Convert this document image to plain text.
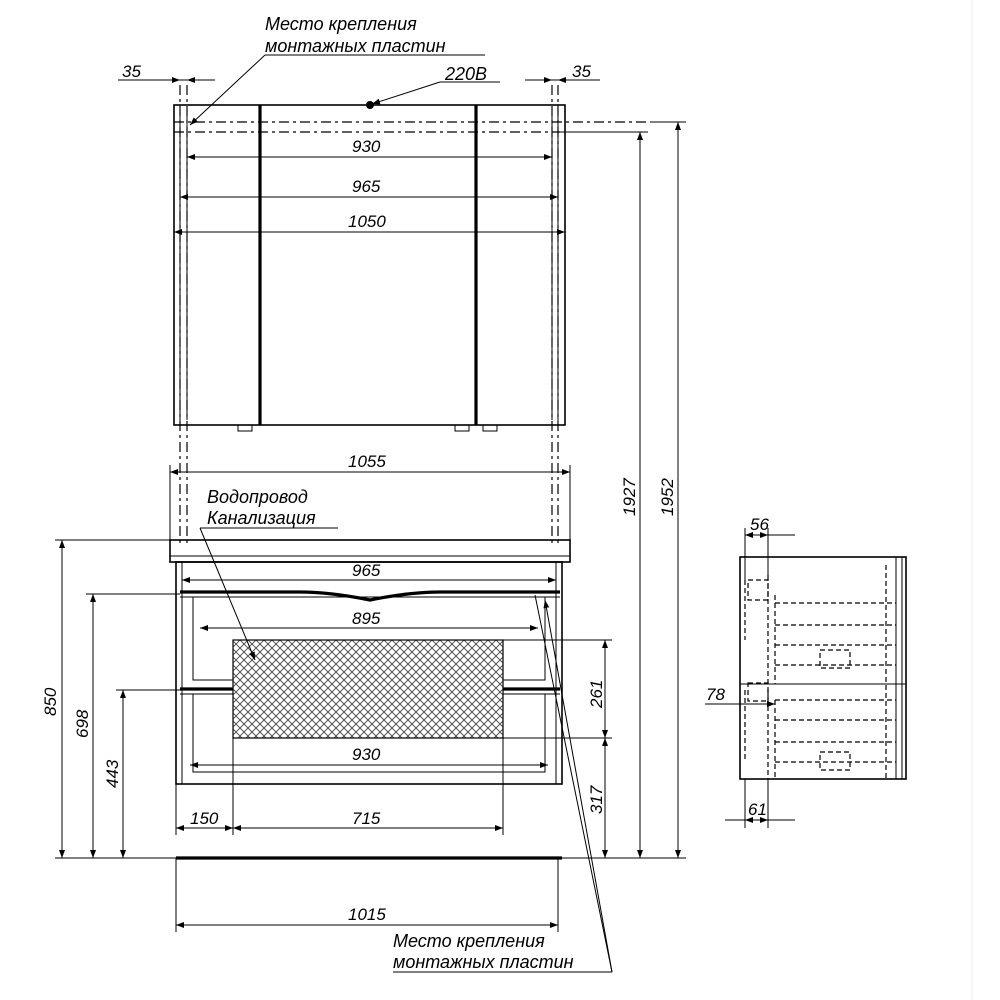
35	35
Место крепления
монтажных пластин
220В
930
965
1050
1055
Водопровод
Канализация
965
895
930
150	715
1015
850
698
443
261
317
1927 1952
Место крепления
монтажных пластин
56
78
61
